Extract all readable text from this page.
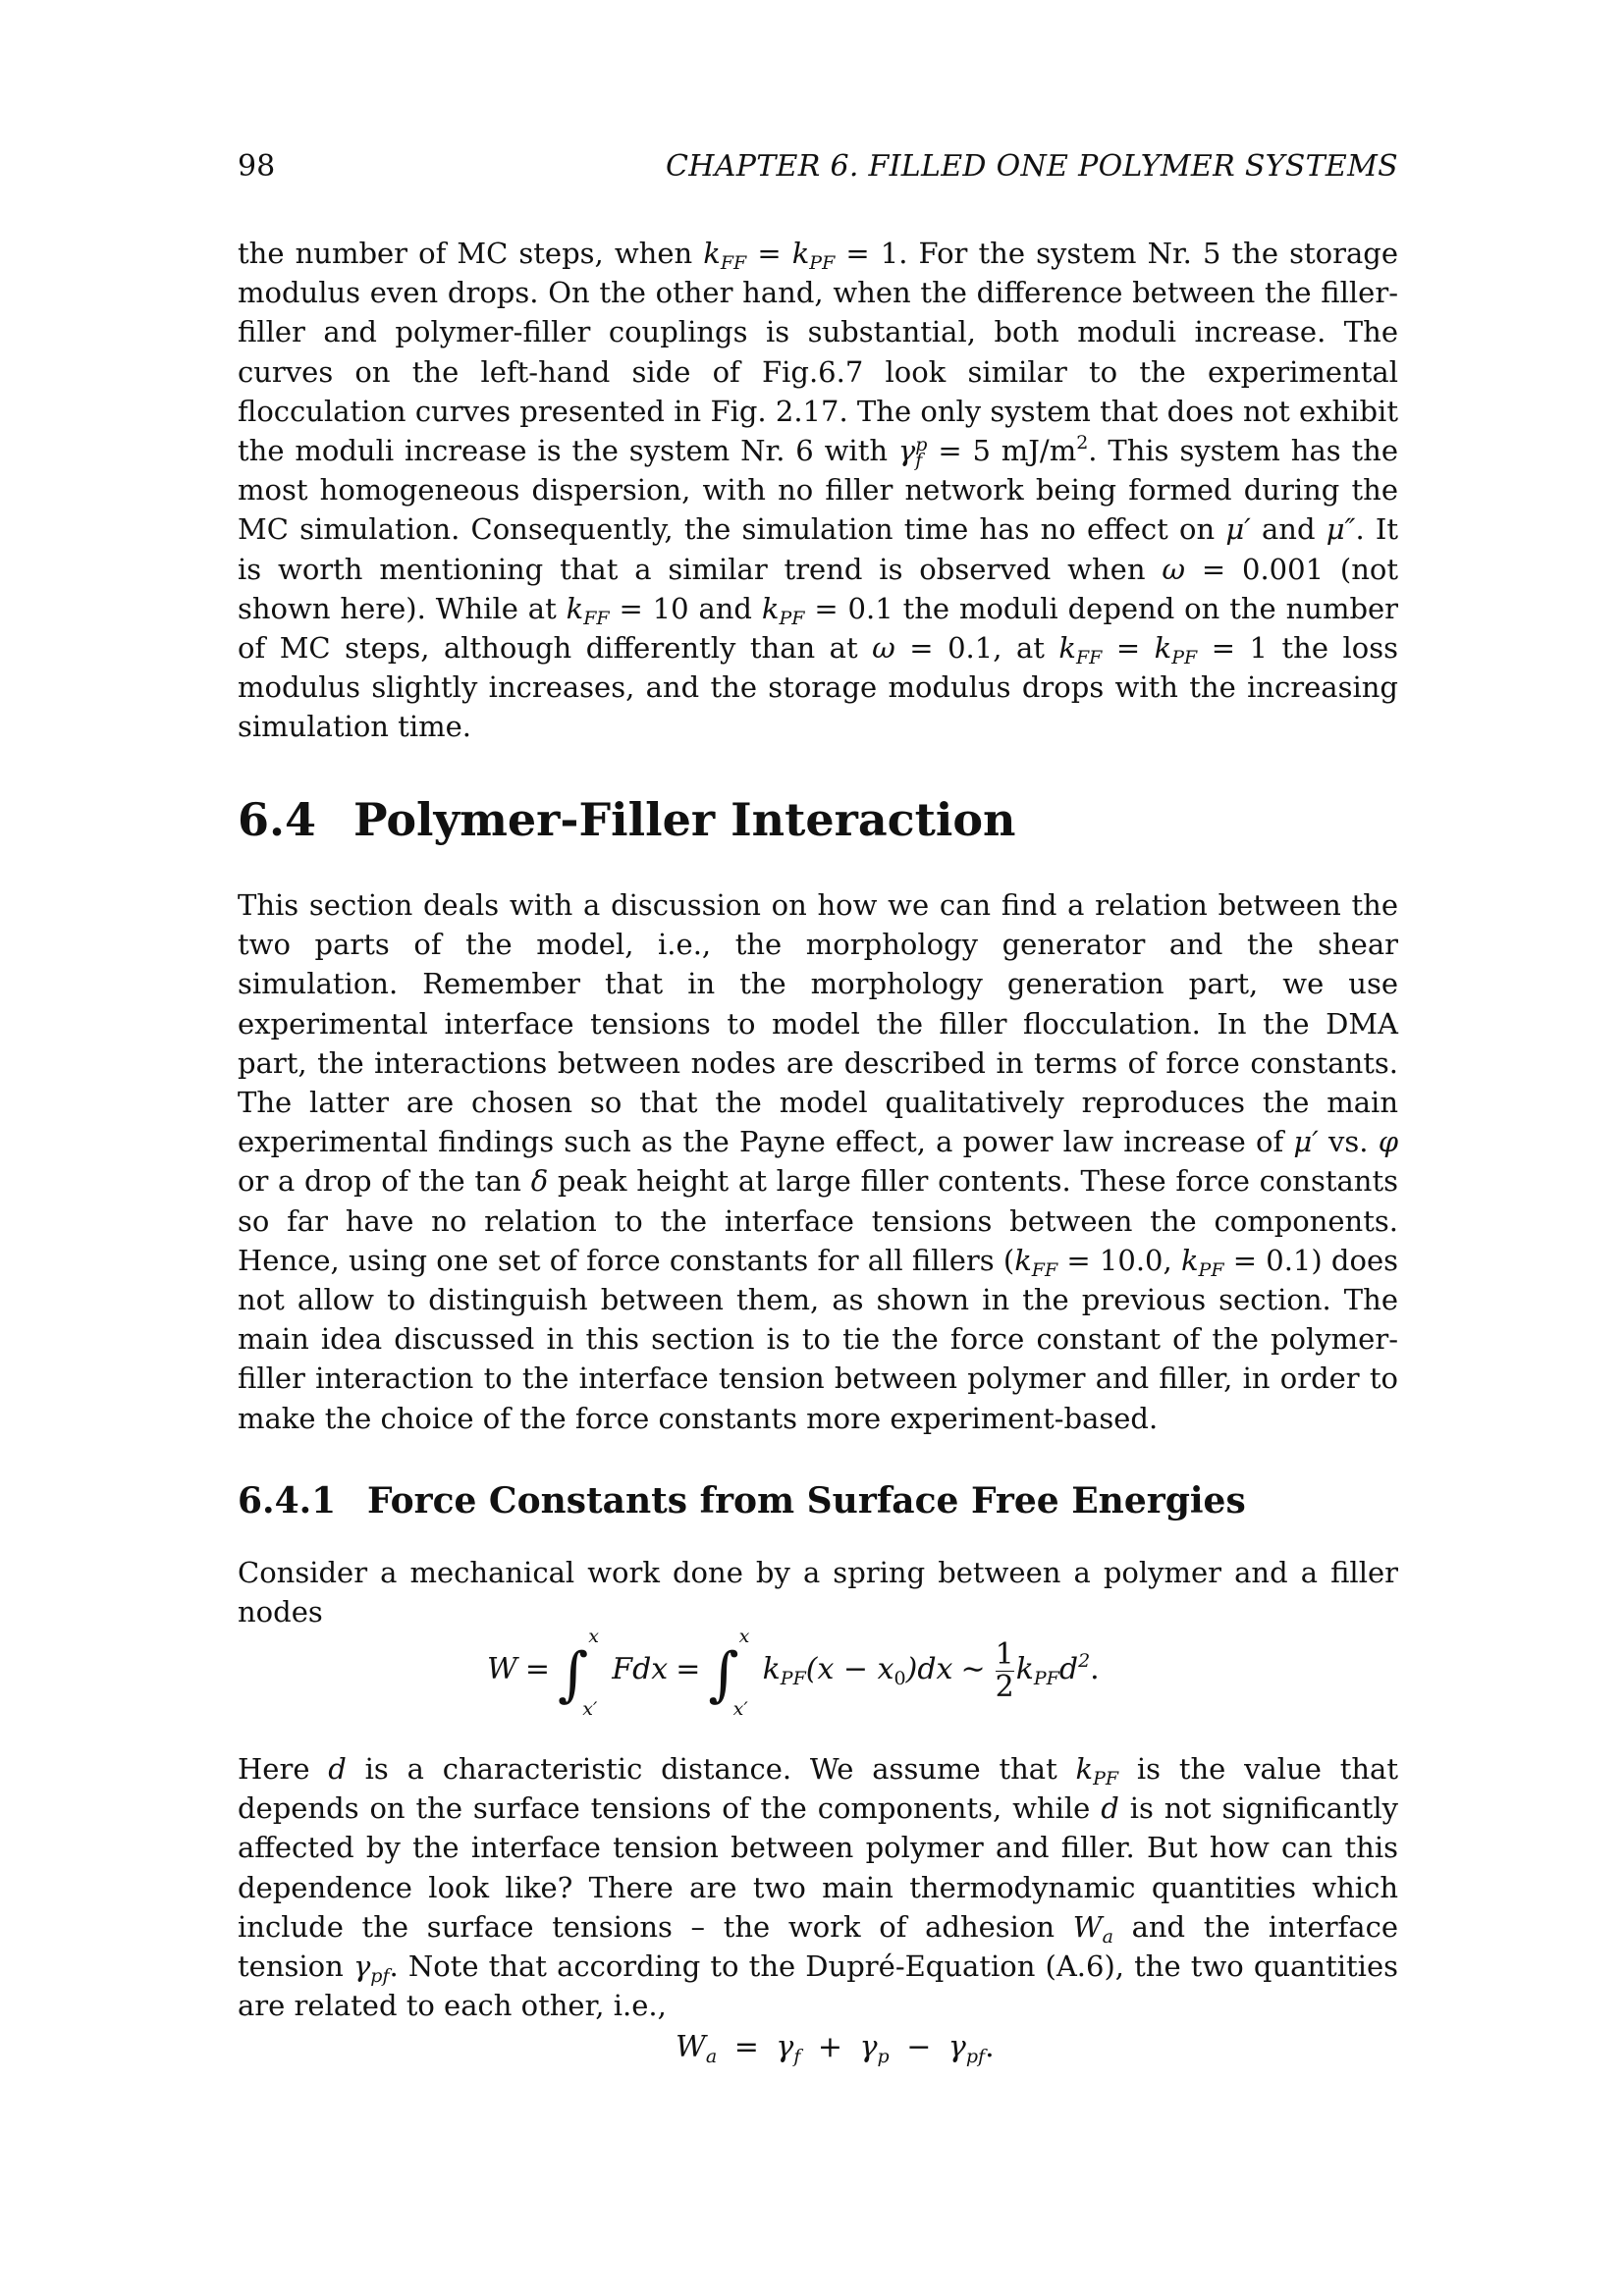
98	CHAPTER 6. FILLED ONE POLYMER SYSTEMS

the number of MC steps, when $k_{FF} = k_{PF} = 1$. For the system Nr. 5 the storage modulus even drops. On the other hand, when the difference between the filler-filler and polymer-filler couplings is substantial, both moduli increase. The curves on the left-hand side of Fig.6.7 look similar to the experimental flocculation curves presented in Fig. 2.17. The only system that does not exhibit the moduli increase is the system Nr. 6 with γ p
f = 5 $mJ/m^2$. This system has the most homogeneous dispersion, with no filler network being formed during the MC simulation. Consequently, the simulation time has no effect on μ′ and μ″. It is worth mentioning that a similar trend is observed when ω = 0.001 (not shown here). While at $k_{FF} = 10$ and $k_{PF} = 0.1$ the moduli depend on the number of MC steps, although differently than at ω = 0.1, at $k_{FF} = k_{PF} = 1$ the loss modulus slightly increases, and the storage modulus drops with the increasing simulation time.

6.4 Polymer-Filler Interaction

This section deals with a discussion on how we can find a relation between the two parts of the model, i.e., the morphology generator and the shear simulation. Remember that in the morphology generation part, we use experimental interface tensions to model the filler flocculation. In the DMA part, the interactions between nodes are described in terms of force constants. The latter are chosen so that the model qualitatively reproduces the main experimental findings such as the Payne effect, a power law increase of μ′ vs. φ or a drop of the tan δ peak height at large filler contents. These force constants so far have no relation to the interface tensions between the components. Hence, using one set of force constants for all fillers ($k_{FF} = 10.0$, $k_{PF} = 0.1$) does not allow to distinguish between them, as shown in the previous section. The main idea discussed in this section is to tie the force constant of the polymer-filler interaction to the interface tension between polymer and filler, in order to make the choice of the force constants more experiment-based.

6.4.1 Force Constants from Surface Free Energies

Consider a mechanical work done by a spring between a polymer and a filler nodes

W = ∫
x
x′
Fdx = ∫
x
x′
$k_{PF}(x - x_0)dx$ ∼ $\frac{1}{2} k_{PF}d^2$.

Here d is a characteristic distance. We assume that $k_{PF}$ is the value that depends on the surface tensions of the components, while d is not significantly affected by the interface tension between polymer and filler. But how can this dependence look like? There are two main thermodynamic quantities which include the surface tensions – the work of adhesion $W_a$ and the interface tension $\gamma_{pf}$. Note that according to the Dupré-Equation (A.6), the two quantities are related to each other, i.e.,

$W_a = \gamma_f + \gamma_p - \gamma_{pf}$.
